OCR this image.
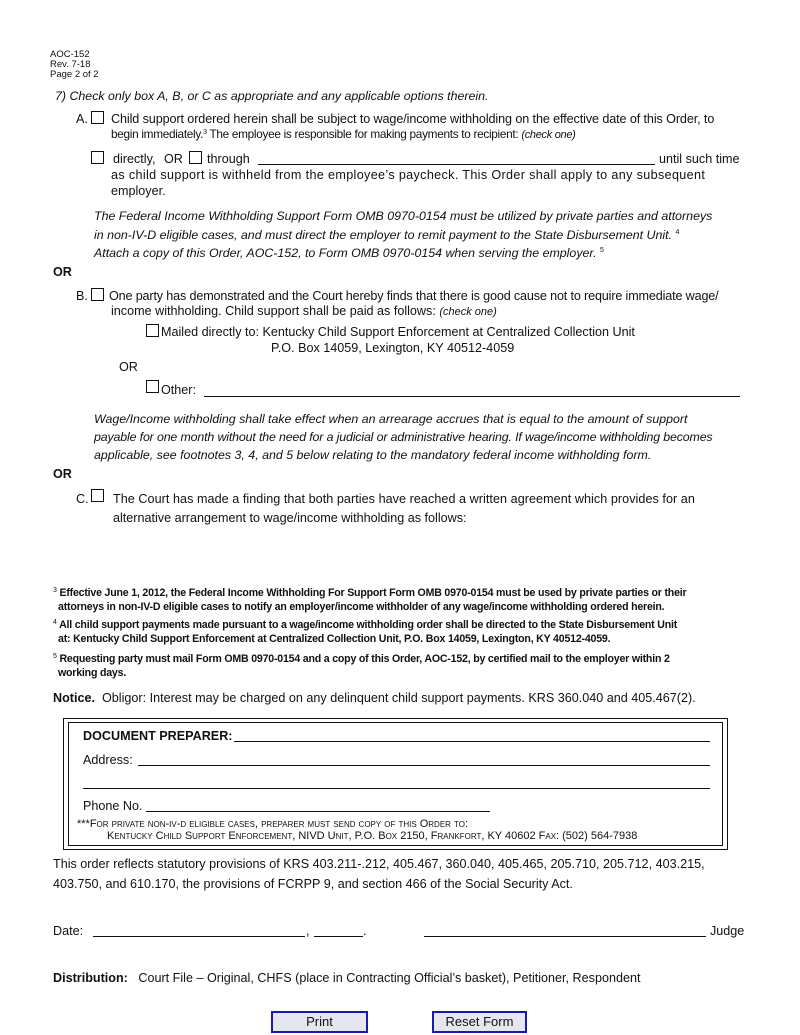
AOC-152
Rev. 7-18
Page 2 of 2
7) Check only box A, B, or C as appropriate and any applicable options therein.
A. Child support ordered herein shall be subject to wage/income withholding on the effective date of this Order, to
begin immediately.$^3$ The employee is responsible for making payments to recipient: (check one)
directly, OR through	until such time
as child support is withheld from the employee’s paycheck. This Order shall apply to any subsequent
employer.
The Federal Income Withholding Support Form OMB 0970-0154 must be utilized by private parties and attorneys
in non-IV-D eligible cases, and must direct the employer to remit payment to the State Disbursement Unit. $^4$
Attach a copy of this Order, AOC-152, to Form OMB 0970-0154 when serving the employer. $^5$
OR
B. One party has demonstrated and the Court hereby finds that there is good cause not to require immediate wage/
income withholding. Child support shall be paid as follows: (check one)
Mailed directly to: Kentucky Child Support Enforcement at Centralized Collection Unit
P.O. Box 14059, Lexington, KY 40512-4059
OR
Other:
Wage/Income withholding shall take effect when an arrearage accrues that is equal to the amount of support
payable for one month without the need for a judicial or administrative hearing. If wage/income withholding becomes
applicable, see footnotes 3, 4, and 5 below relating to the mandatory federal income withholding form.
OR
C. The Court has made a finding that both parties have reached a written agreement which provides for an
alternative arrangement to wage/income withholding as follows:
$^3$ Effective June 1, 2012, the Federal Income Withholding For Support Form OMB 0970-0154 must be used by private parties or their
attorneys in non-IV-D eligible cases to notify an employer/income withholder of any wage/income withholding ordered herein.
$^4$ All child support payments made pursuant to a wage/income withholding order shall be directed to the State Disbursement Unit
at: Kentucky Child Support Enforcement at Centralized Collection Unit, P.O. Box 14059, Lexington, KY 40512-4059.
$^5$ Requesting party must mail Form OMB 0970-0154 and a copy of this Order, AOC-152, by certified mail to the employer within 2
working days.
Notice. Obligor: Interest may be charged on any delinquent child support payments. KRS 360.040 and 405.467(2).
DOCUMENT PREPARER:
Address:
Phone No.
***For private non-iv-d eligible cases, preparer must send copy of this Order to:
Kentucky Child Support Enforcement, NIVD Unit, P.O. Box 2150, Frankfort, KY 40602 Fax: (502) 564-7938
This order reflects statutory provisions of KRS 403.211-.212, 405.467, 360.040, 405.465, 205.710, 205.712, 403.215,
403.750, and 610.170, the provisions of FCRPP 9, and section 466 of the Social Security Act.
Date:	,	.	Judge
Distribution: Court File – Original, CHFS (place in Contracting Official’s basket), Petitioner, Respondent
Print	Reset Form
